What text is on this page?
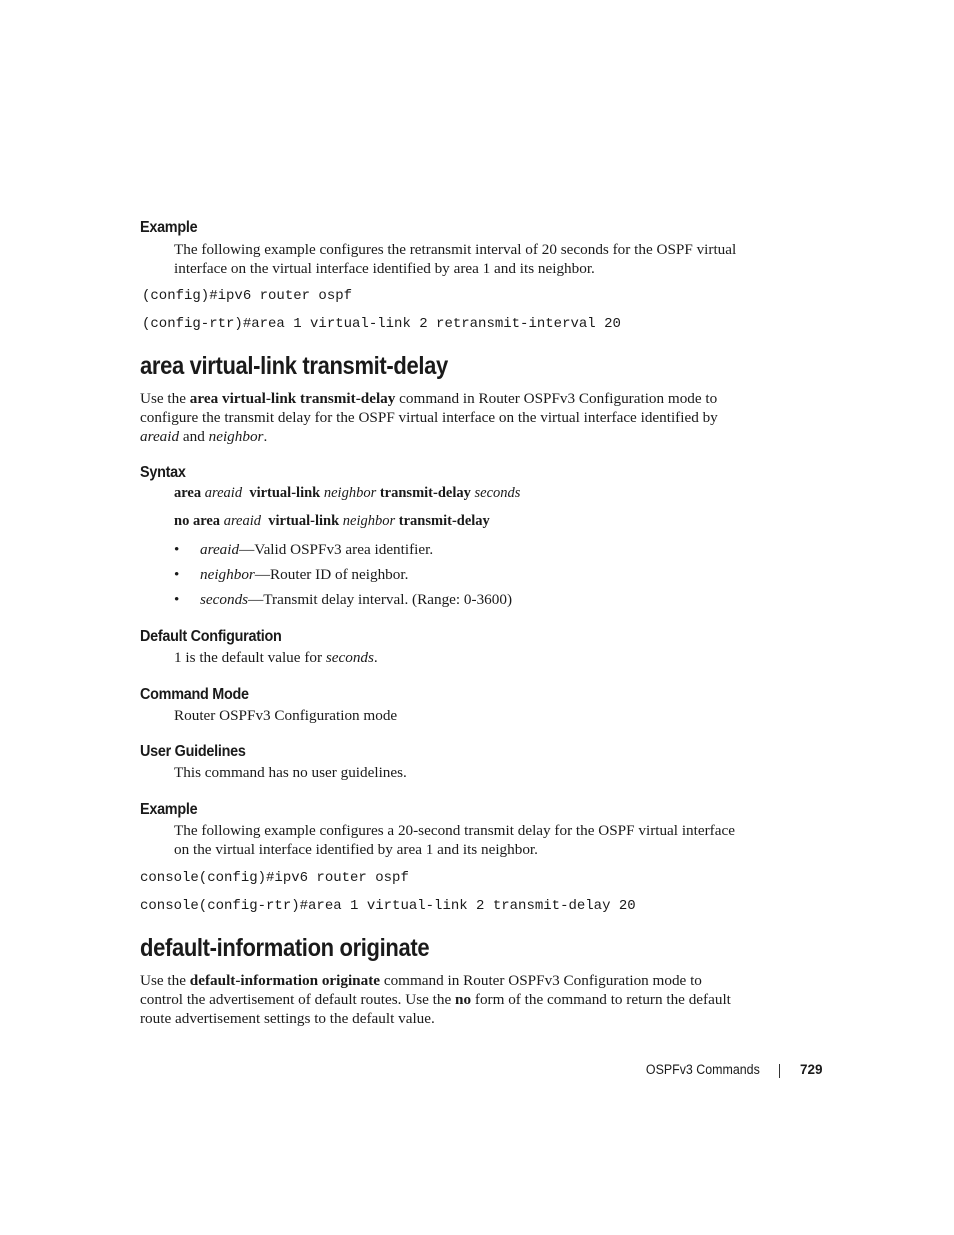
Example
The following example configures the retransmit interval of 20 seconds for the OSPF virtual
interface on the virtual interface identified by area 1 and its neighbor.
(config)#ipv6 router ospf
(config-rtr)#area 1 virtual-link 2 retransmit-interval 20
area virtual-link transmit-delay
Use the area virtual-link transmit-delay command in Router OSPFv3 Configuration mode to
configure the transmit delay for the OSPF virtual interface on the virtual interface identified by
areaid and neighbor.
Syntax
area areaid virtual-link neighbor transmit-delay seconds
no area areaid virtual-link neighbor transmit-delay
• areaid—Valid OSPFv3 area identifier.
• neighbor—Router ID of neighbor.
• seconds—Transmit delay interval. (Range: 0-3600)
Default Configuration
1 is the default value for seconds.
Command Mode
Router OSPFv3 Configuration mode
User Guidelines
This command has no user guidelines.
Example
The following example configures a 20-second transmit delay for the OSPF virtual interface
on the virtual interface identified by area 1 and its neighbor.
console(config)#ipv6 router ospf
console(config-rtr)#area 1 virtual-link 2 transmit-delay 20
default-information originate
Use the default-information originate command in Router OSPFv3 Configuration mode to
control the advertisement of default routes. Use the no form of the command to return the default
route advertisement settings to the default value.
OSPFv3 Commands	729
